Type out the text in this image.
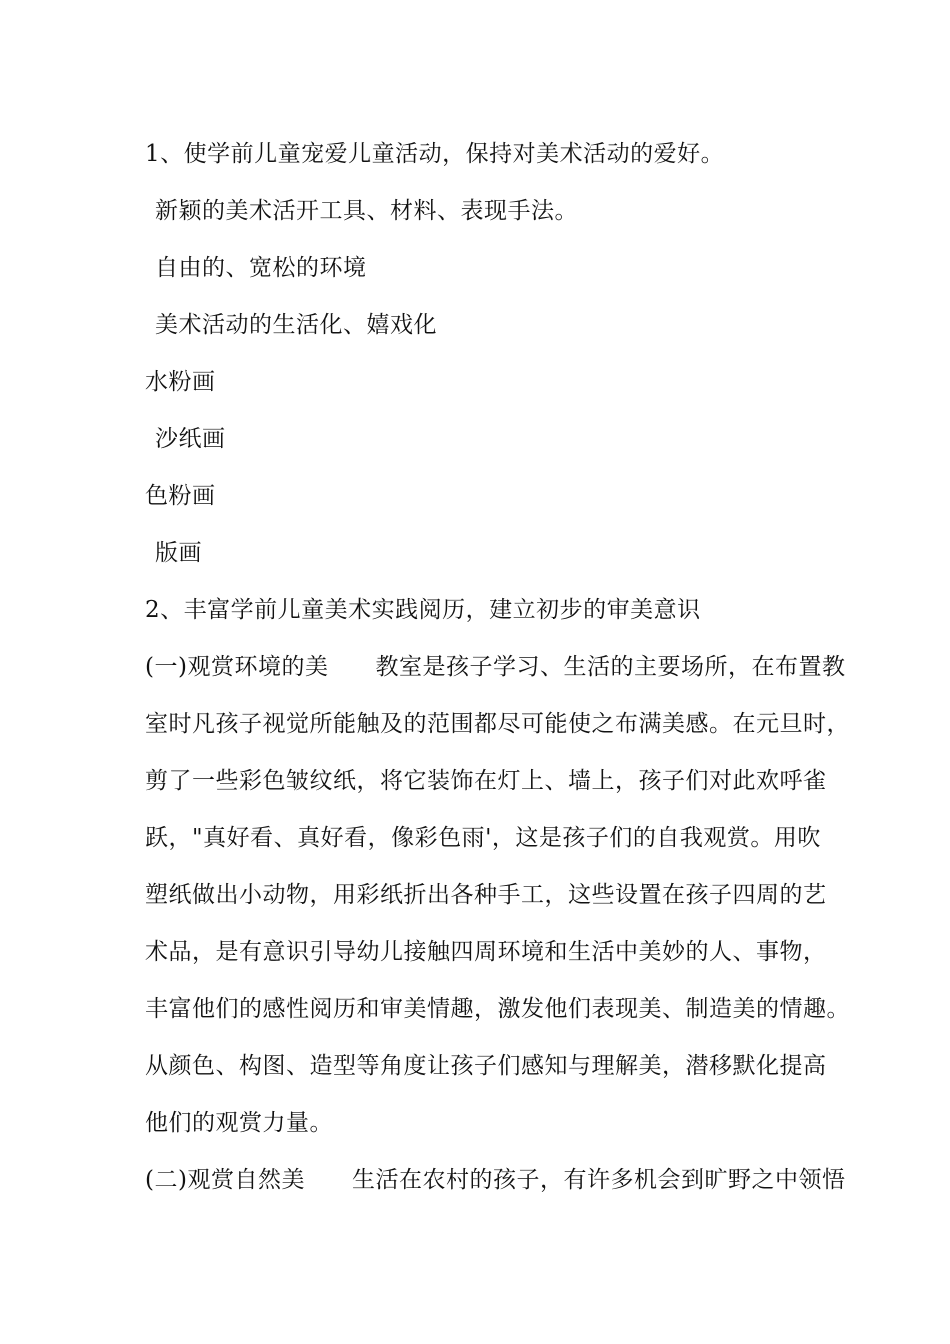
1、使学前儿童宠爱儿童活动，保持对美术活动的爱好。
新颖的美术活开工具、材料、表现手法。
自由的、宽松的环境
美术活动的生活化、嬉戏化
水粉画
沙纸画
色粉画
版画
2、丰富学前儿童美术实践阅历，建立初步的审美意识
(一)观赏环境的美　　教室是孩子学习、生活的主要场所，在布置教
室时凡孩子视觉所能触及的范围都尽可能使之布满美感。在元旦时，
剪了一些彩色皱纹纸，将它装饰在灯上、墙上，孩子们对此欢呼雀
跃，"真好看、真好看，像彩色雨'，这是孩子们的自我观赏。用吹
塑纸做出小动物，用彩纸折出各种手工，这些设置在孩子四周的艺
术品，是有意识引导幼儿接触四周环境和生活中美妙的人、事物，
丰富他们的感性阅历和审美情趣，激发他们表现美、制造美的情趣。
从颜色、构图、造型等角度让孩子们感知与理解美，潜移默化提高
他们的观赏力量。
(二)观赏自然美　　生活在农村的孩子，有许多机会到旷野之中领悟
